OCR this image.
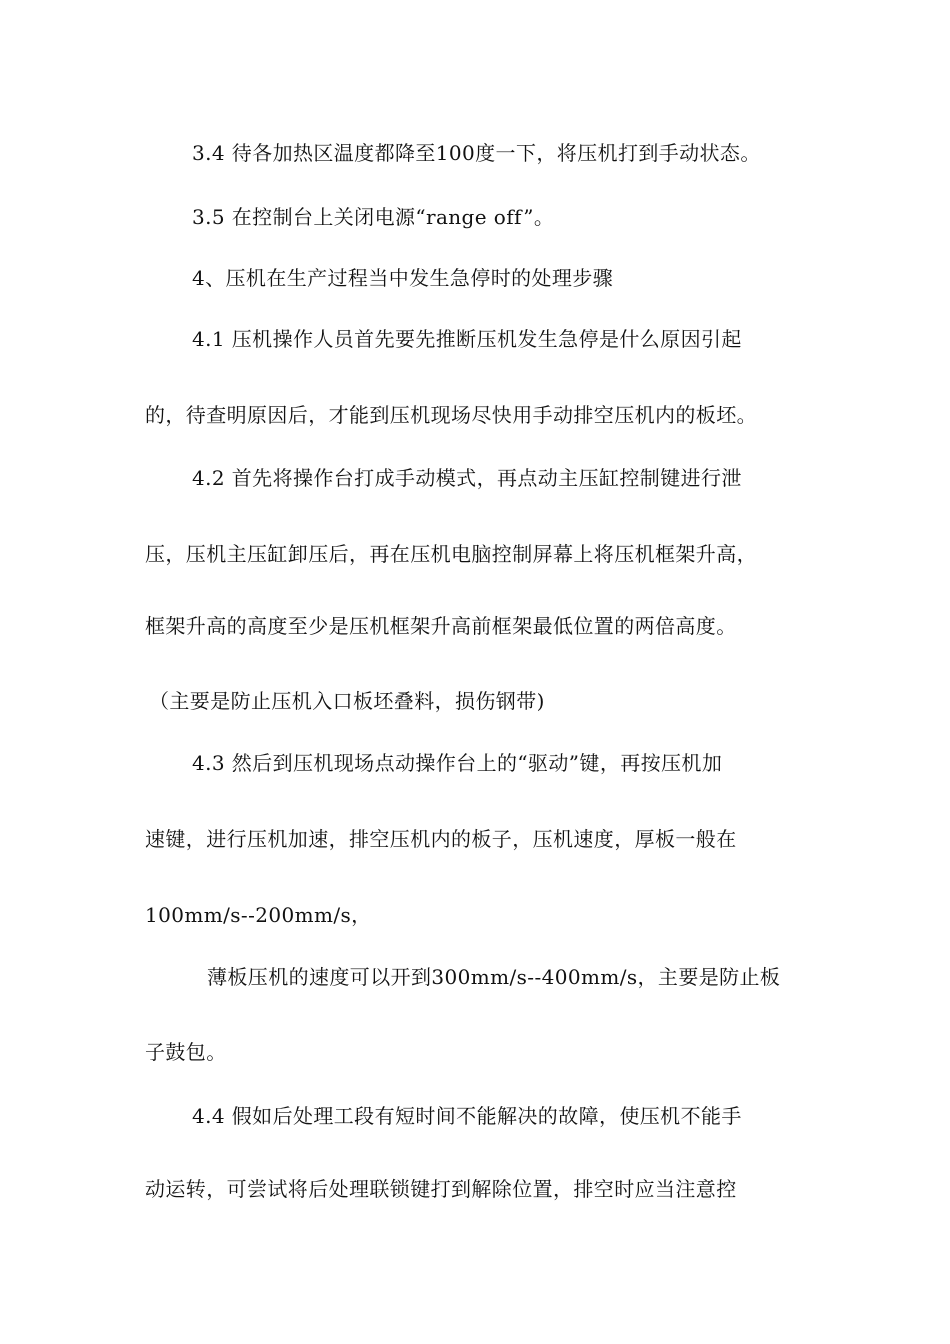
3.4 待各加热区温度都降至100度一下，将压机打到手动状态。
3.5 在控制台上关闭电源“range off”。
4、压机在生产过程当中发生急停时的处理步骤
4.1 压机操作人员首先要先推断压机发生急停是什么原因引起
的，待查明原因后，才能到压机现场尽快用手动排空压机内的板坯。
4.2 首先将操作台打成手动模式，再点动主压缸控制键进行泄
压，压机主压缸卸压后，再在压机电脑控制屏幕上将压机框架升高，
框架升高的高度至少是压机框架升高前框架最低位置的两倍高度。
（主要是防止压机入口板坯叠料，损伤钢带)
4.3 然后到压机现场点动操作台上的“驱动”键，再按压机加
速键，进行压机加速，排空压机内的板子，压机速度，厚板一般在
100mm/s--200mm/s，
薄板压机的速度可以开到300mm/s--400mm/s，主要是防止板
子鼓包。
4.4 假如后处理工段有短时间不能解决的故障，使压机不能手
动运转，可尝试将后处理联锁键打到解除位置，排空时应当注意控
